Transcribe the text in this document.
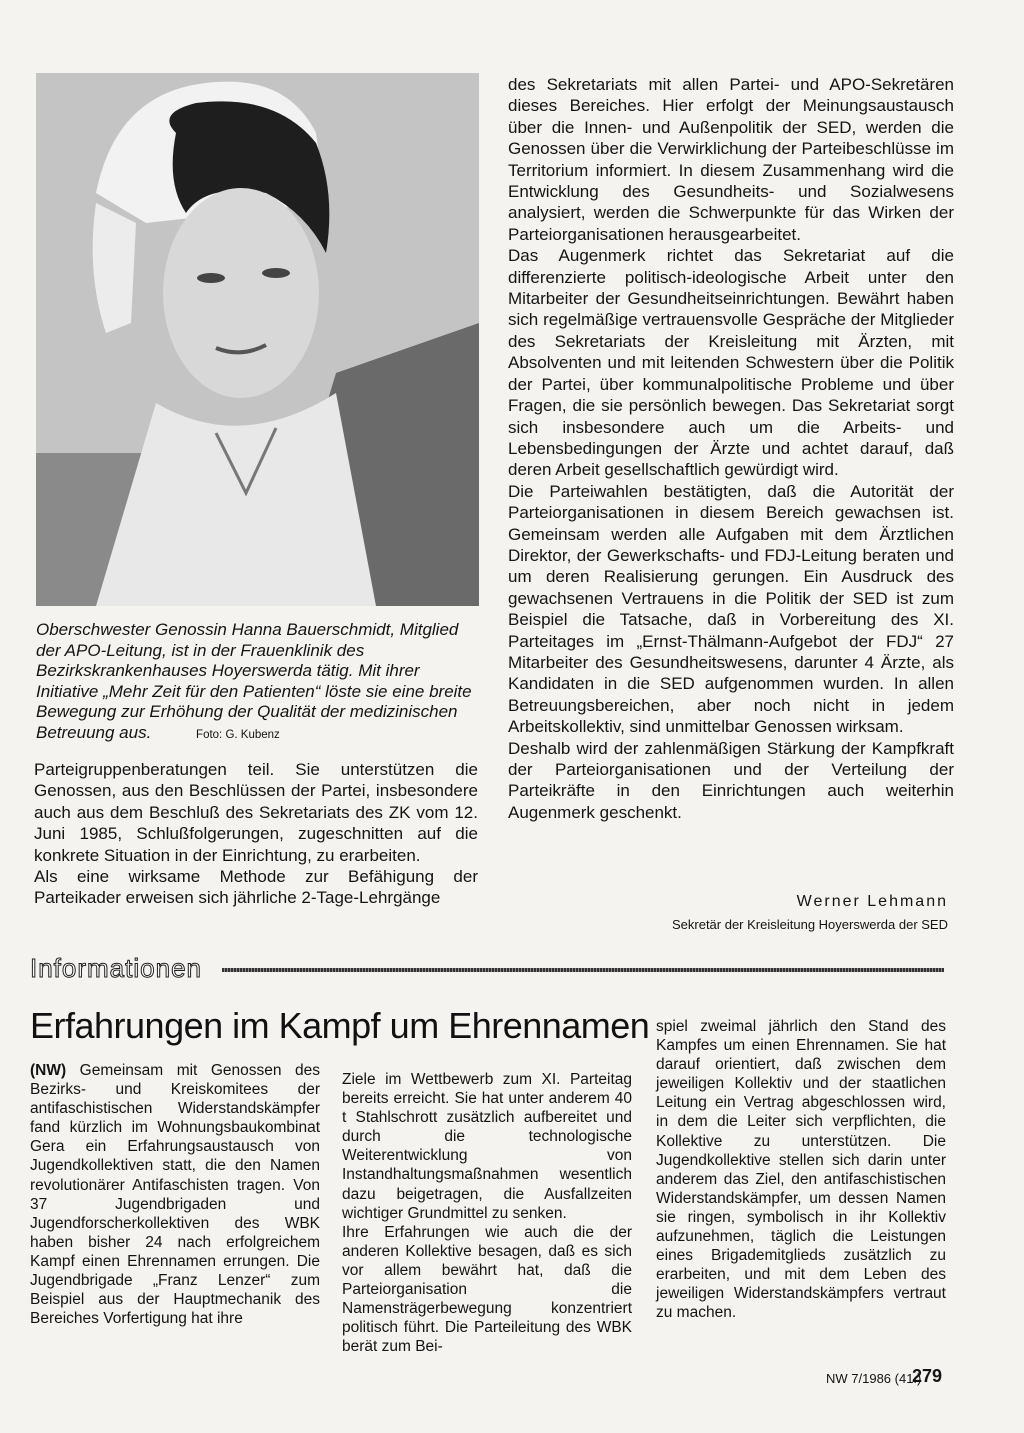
Oberschwester Genossin Hanna Bauerschmidt, Mitglied der APO-Leitung, ist in der Frauenklinik des Bezirkskrankenhauses Hoyerswerda tätig. Mit ihrer Initiative „Mehr Zeit für den Patienten“ löste sie eine breite Bewegung zur Erhöhung der Qualität der medizinischen Betreuung aus.	Foto: G. Kubenz

Parteigruppenberatungen teil. Sie unterstützen die Genossen, aus den Beschlüssen der Partei, insbesondere auch aus dem Beschluß des Sekretariats des ZK vom 12. Juni 1985, Schlußfolgerungen, zugeschnitten auf die konkrete Situation in der Einrichtung, zu erarbeiten.

Als eine wirksame Methode zur Befähigung der Parteikader erweisen sich jährliche 2-Tage-Lehrgänge

des Sekretariats mit allen Partei- und APO-Sekretären dieses Bereiches. Hier erfolgt der Meinungsaustausch über die Innen- und Außenpolitik der SED, werden die Genossen über die Verwirklichung der Parteibeschlüsse im Territorium informiert. In diesem Zusammenhang wird die Entwicklung des Gesundheits- und Sozialwesens analysiert, werden die Schwerpunkte für das Wirken der Parteiorganisationen herausgearbeitet.

Das Augenmerk richtet das Sekretariat auf die differenzierte politisch-ideologische Arbeit unter den Mitarbeiter der Gesundheitseinrichtungen. Bewährt haben sich regelmäßige vertrauensvolle Gespräche der Mitglieder des Sekretariats der Kreisleitung mit Ärzten, mit Absolventen und mit leitenden Schwestern über die Politik der Partei, über kommunalpolitische Probleme und über Fragen, die sie persönlich bewegen. Das Sekretariat sorgt sich insbesondere auch um die Arbeits- und Lebensbedingungen der Ärzte und achtet darauf, daß deren Arbeit gesellschaftlich gewürdigt wird.

Die Parteiwahlen bestätigten, daß die Autorität der Parteiorganisationen in diesem Bereich gewachsen ist. Gemeinsam werden alle Aufgaben mit dem Ärztlichen Direktor, der Gewerkschafts- und FDJ-Leitung beraten und um deren Realisierung gerungen. Ein Ausdruck des gewachsenen Vertrauens in die Politik der SED ist zum Beispiel die Tatsache, daß in Vorbereitung des XI. Parteitages im „Ernst-Thälmann-Aufgebot der FDJ“ 27 Mitarbeiter des Gesundheitswesens, darunter 4 Ärzte, als Kandidaten in die SED aufgenommen wurden. In allen Betreuungsbereichen, aber noch nicht in jedem Arbeitskollektiv, sind unmittelbar Genossen wirksam.

Deshalb wird der zahlenmäßigen Stärkung der Kampfkraft der Parteiorganisationen und der Verteilung der Parteikräfte in den Einrichtungen auch weiterhin Augenmerk geschenkt.

Werner Lehmann
Sekretär der Kreisleitung Hoyerswerda der SED
Informationen
Erfahrungen im Kampf um Ehrennamen
(NW) Gemeinsam mit Genossen des Bezirks- und Kreiskomitees der antifaschistischen Widerstandskämpfer fand kürzlich im Wohnungsbaukombinat Gera ein Erfahrungsaustausch von Jugendkollektiven statt, die den Namen revolutionärer Antifaschisten tragen. Von 37 Jugendbrigaden und Jugendforscherkollektiven des WBK haben bisher 24 nach erfolgreichem Kampf einen Ehrennamen errungen. Die Jugendbrigade „Franz Lenzer“ zum Beispiel aus der Hauptmechanik des Bereiches Vorfertigung hat ihre
Ziele im Wettbewerb zum XI. Parteitag bereits erreicht. Sie hat unter anderem 40 t Stahlschrott zusätzlich aufbereitet und durch die technologische Weiterentwicklung von Instandhaltungsmaßnahmen wesentlich dazu beigetragen, die Ausfallzeiten wichtiger Grundmittel zu senken.
Ihre Erfahrungen wie auch die der anderen Kollektive besagen, daß es sich vor allem bewährt hat, daß die Parteiorganisation die Namensträgerbewegung konzentriert politisch führt. Die Parteileitung des WBK berät zum Bei-
spiel zweimal jährlich den Stand des Kampfes um einen Ehrennamen. Sie hat darauf orientiert, daß zwischen dem jeweiligen Kollektiv und der staatlichen Leitung ein Vertrag abgeschlossen wird, in dem die Leiter sich verpflichten, die Kollektive zu unterstützen. Die Jugendkollektive stellen sich darin unter anderem das Ziel, den antifaschistischen Widerstandskämpfer, um dessen Namen sie ringen, symbolisch in ihr Kollektiv aufzunehmen, täglich die Leistungen eines Brigademitglieds zusätzlich zu erarbeiten, und mit dem Leben des jeweiligen Widerstandskämpfers vertraut zu machen.
NW 7/1986 (41.)
279
